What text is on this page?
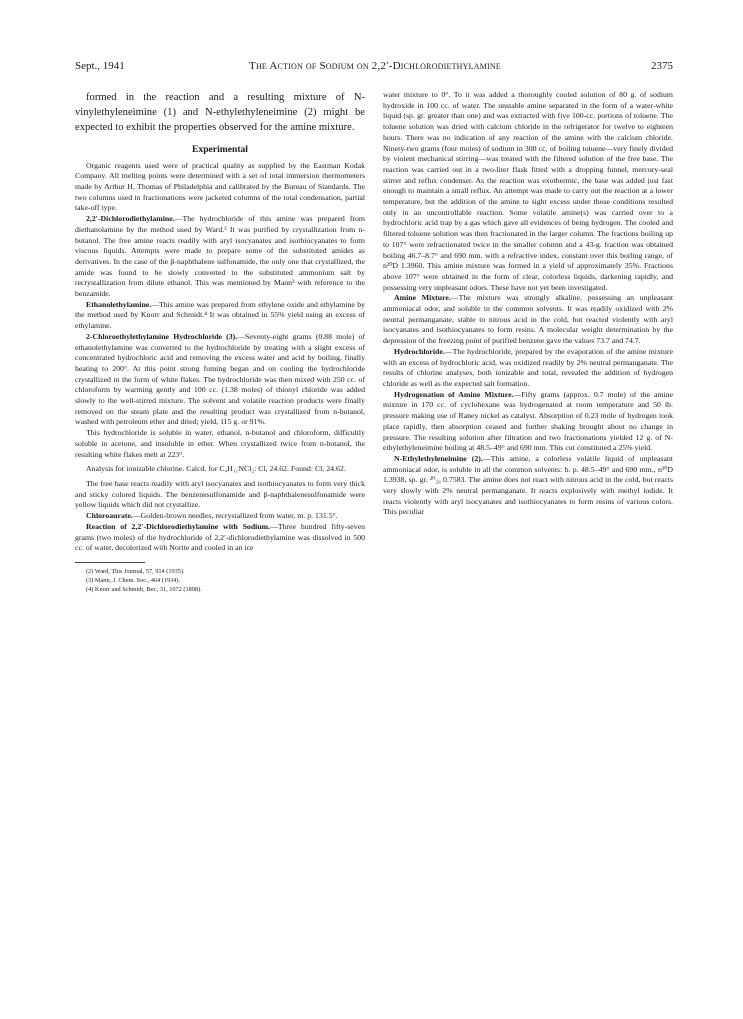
Sept., 1941	The Action of Sodium on 2,2′-Dichlorodiethylamine	2375

formed in the reaction and a resulting mixture of N-vinylethyleneimine (1) and N-ethylethyleneimine (2) might be expected to exhibit the properties observed for the amine mixture.

Experimental

Organic reagents used were of practical quality as supplied by the Eastman Kodak Company. All melting points were determined with a set of total immersion thermometers made by Arthur H. Thomas of Philadelphia and calibrated by the Bureau of Standards. The two columns used in fractionations were jacketed columns of the total condensation, partial take-off type.

2,2′-Dichlorodiethylamine.—The hydrochloride of this amine was prepared from diethanolamine by the method used by Ward.² It was purified by crystallization from n-butanol. The free amine reacts readily with aryl isocyanates and isothiocyanates to form viscous liquids. Attempts were made to prepare some of the substituted amides as derivatives. In the case of the β-naphthalene sulfonamide, the only one that crystallized, the amide was found to be slowly converted to the substituted ammonium salt by recrystallization from dilute ethanol. This was mentioned by Mann³ with reference to the benzamide.

Ethanolethylamine.—This amine was prepared from ethylene oxide and ethylamine by the method used by Knorr and Schmidt.⁴ It was obtained in 55% yield using an excess of ethylamine.

2-Chloroethylethylamine Hydrochloride (3).—Seventy-eight grams (0.88 mole) of ethanolethylamine was converted to the hydrochloride by treating with a slight excess of concentrated hydrochloric acid and removing the excess water and acid by boiling, finally heating to 200°. At this point strong fuming began and on cooling the hydrochloride crystallized in the form of white flakes. The hydrochloride was then mixed with 250 cc. of chloroform by warming gently and 100 cc. (1.38 moles) of thionyl chloride was added slowly to the well-stirred mixture. The solvent and volatile reaction products were finally removed on the steam plate and the resulting product was crystallized from n-butanol, washed with petroleum ether and dried; yield, 115 g. or 91%.

This hydrochloride is soluble in water, ethanol, n-butanol and chloroform, difficultly soluble in acetone, and insoluble in ether. When crystallized twice from n-butanol, the resulting white flakes melt at 223°.

Analysis for ionizable chlorine. Calcd. for C₄H₁₁NCl₂: Cl, 24.62. Found: Cl, 24.62.

The free base reacts readily with aryl isocyanates and isothiocyanates to form very thick and sticky colored liquids. The benzenesulfonamide and β-naphthalenesulfonamide were yellow liquids which did not crystallize.

Chloroaurate.—Golden-brown needles, recrystallized from water, m. p. 131.5°.

Reaction of 2,2′-Dichlorodiethylamine with Sodium.—Three hundred fifty-seven grams (two moles) of the hydrochloride of 2,2′-dichlorodiethylamine was dissolved in 500 cc. of water, decolorized with Norite and cooled in an ice

(2) Ward, This Journal, 57, 914 (1935).

(3) Mann, J. Chem. Soc., 464 (1934).

(4) Knorr and Schmidt, Ber., 31, 1072 (1898).

water mixture to 0°. To it was added a thoroughly cooled solution of 80 g. of sodium hydroxide in 100 cc. of water. The unstable amine separated in the form of a water-white liquid (sp. gr. greater than one) and was extracted with five 100-cc. portions of toluene. The toluene solution was dried with calcium chloride in the refrigerator for twelve to eighteen hours. There was no indication of any reaction of the amine with the calcium chloride. Ninety-two grams (four moles) of sodium in 300 cc. of boiling toluene—very finely divided by violent mechanical stirring—was treated with the filtered solution of the free base. The reaction was carried out in a two-liter flask fitted with a dropping funnel, mercury-seal stirrer and reflux condenser. As the reaction was exothermic, the base was added just fast enough to maintain a small reflux. An attempt was made to carry out the reaction at a lower temperature, but the addition of the amine to sight excess under those conditions resulted only in an uncontrollable reaction. Some volatile amine(s) was carried over to a hydrochloric acid trap by a gas which gave all evidences of being hydrogen. The cooled and filtered toluene solution was then fractionated in the larger column. The fractions boiling up to 107° were refractionated twice in the smaller column and a 43-g. fraction was obtained boiling 46.7–8.7° and 690 mm. with a refractive index, constant over this boiling range, of n²⁰D 1.3960. This amine mixture was formed in a yield of approximately 35%. Fractions above 107° were obtained in the form of clear, colorless liquids, darkening rapidly, and possessing very unpleasant odors. These have not yet been investigated.

Amine Mixture.—The mixture was strongly alkaline, possessing an unpleasant ammoniacal odor, and soluble in the common solvents. It was readily oxidized with 2% neutral permanganate, stable to nitrous acid in the cold, but reacted violently with aryl isocyanates and isothiocyanates to form resins. A molecular weight determination by the depression of the freezing point of purified benzene gave the values 73.7 and 74.7.

Hydrochloride.—The hydrochloride, prepared by the evaporation of the amine mixture with an excess of hydrochloric acid, was oxidized readily by 2% neutral permanganate. The results of chlorine analyses, both ionizable and total, revealed the addition of hydrogen chloride as well as the expected salt formation.

Hydrogenation of Amine Mixture.—Fifty grams (approx. 0.7 mole) of the amine mixture in 170 cc. of cyclohexane was hydrogenated at room temperature and 50 lb. pressure making use of Raney nickel as catalyst. Absorption of 0.23 mole of hydrogen took place rapidly, then absorption ceased and further shaking brought about no change in pressure. The resulting solution after filtration and two fractionations yielded 12 g. of N-ethylethyleneimine boiling at 48.5–49° and 690 mm. This cut constituted a 25% yield.

N-Ethylethyleneimine (2).—This amine, a colorless volatile liquid of unpleasant ammoniacal odor, is soluble in all the common solvents: b. p. 48.5–49° and 690 mm., n²⁰D 1.3938, sp. gr. ²⁰₂₀ 0.7583. The amine does not react with nitrous acid in the cold, but reacts very slowly with 2% neutral permanganate. It reacts explosively with methyl iodide. It reacts violently with aryl isocyanates and isothiocyanates to form resins of various colors. This peculiar
